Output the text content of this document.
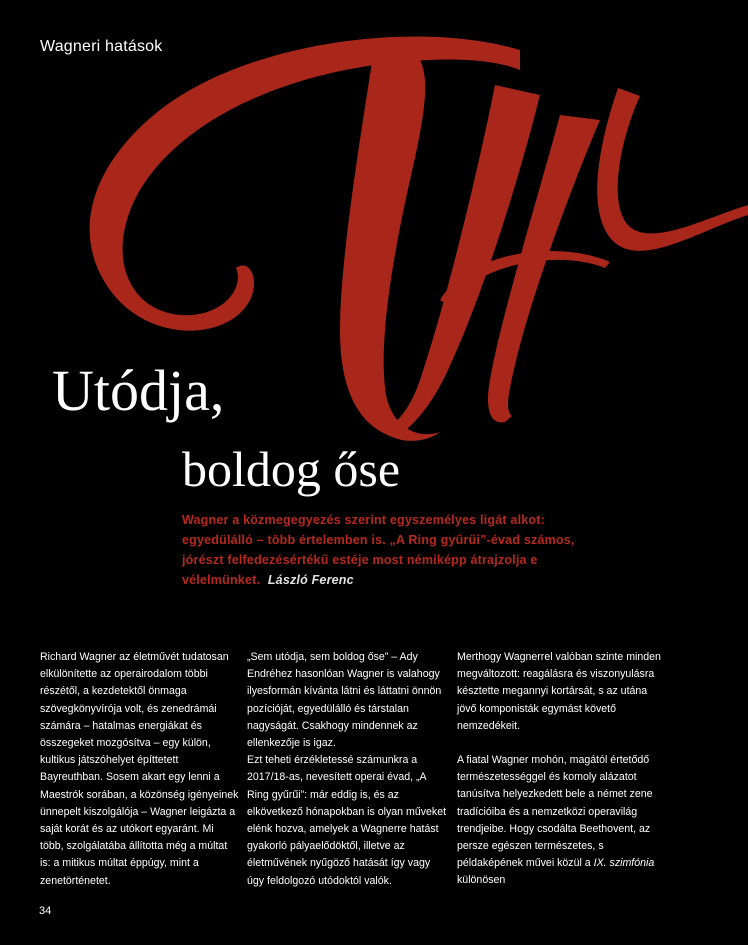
Wagneri hatások
Utódja,
boldog őse
Wagner a közmegegyezés szerint egyszemélyes ligát alkot: egyedülálló – több értelemben is. „A Ring gyűrűi”-évad számos, jórészt felfedezésértékű estéje most némiképp átrajzolja e vélelmünket. László Ferenc

Richard Wagner az életművét tudatosan elkülönítette az operairodalom többi részétől, a kezdetektől önmaga szövegkönyvírója volt, és zenedrámái számára – hatalmas energiákat és összegeket mozgósítva – egy külön, kultikus játszóhelyet építtetett Bayreuthban. Sosem akart egy lenni a Maestrók sorában, a közönség igényeinek ünnepelt kiszolgálója – Wagner leigázta a saját korát és az utókort egyaránt. Mi több, szolgálatába állította még a múltat is: a mitikus múltat éppúgy, mint a zenetörténetet.

„Sem utódja, sem boldog őse” – Ady Endréhez hasonlóan Wagner is valahogy ilyesformán kívánta látni és láttatni önnön pozícióját, egyedülálló és társtalan nagyságát. Csakhogy mindennek az ellenkezője is igaz.

Ezt teheti érzékletessé számunkra a 2017/18-as, nevesített operai évad, „A Ring gyűrűi”: már eddig is, és az elkövetkező hónapokban is olyan műveket elénk hozva, amelyek a Wagnerre hatást gyakorló pályaelődöktől, illetve az életművének nyűgöző hatását így vagy úgy feldolgozó utódoktól valók.

Merthogy Wagnerrel valóban szinte minden megváltozott: reagálásra és viszonyulásra késztette megannyi kortársát, s az utána jövő komponisták egymást követő nemzedékeit.

A fiatal Wagner mohón, magától értetődő természetességgel és komoly alázatot tanúsítva helyezkedett bele a német zene tradícióiba és a nemzetközi operavilág trendjeibe. Hogy csodálta Beethovent, az persze egészen természetes, s példaképének művei közül a IX. szimfónia különösen

34
